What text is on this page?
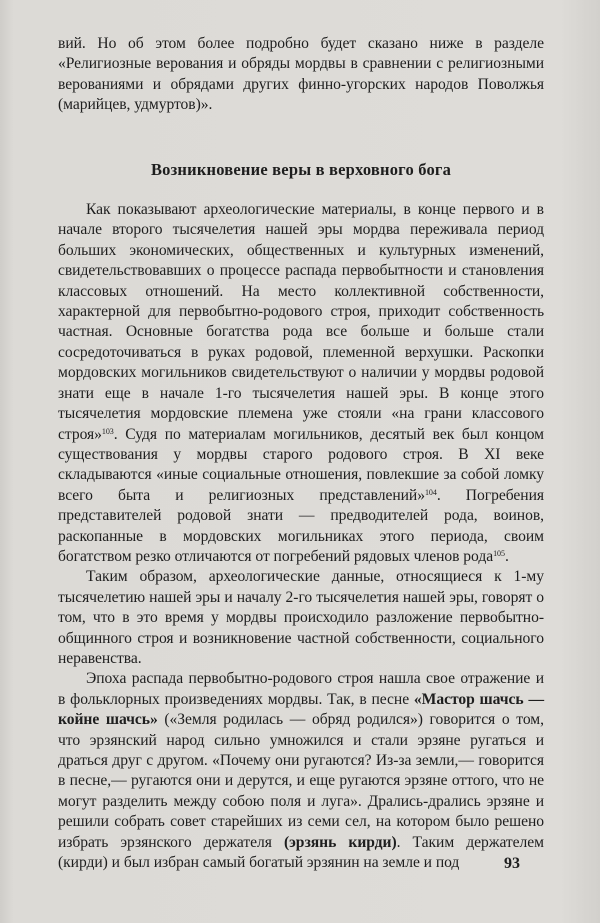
вий. Но об этом более подробно будет сказано ниже в разделе «Религиозные верования и обряды мордвы в сравнении с религиозными верованиями и обрядами других финно-угорских народов Поволжья (марийцев, удмуртов)».

Возникновение веры в верховного бога

Как показывают археологические материалы, в конце первого и в начале второго тысячелетия нашей эры мордва переживала период больших экономических, общественных и культурных изменений, свидетельствовавших о процессе распада первобытности и становления классовых отношений. На место коллективной собственности, характерной для первобытно-родового строя, приходит собственность частная. Основные богатства рода все больше и больше стали сосредоточиваться в руках родовой, племенной верхушки. Раскопки мордовских могильников свидетельствуют о наличии у мордвы родовой знати еще в начале 1-го тысячелетия нашей эры. В конце этого тысячелетия мордовские племена уже стояли «на грани классового строя»$^{103}$. Судя по материалам могильников, десятый век был концом существования у мордвы старого родового строя. В XI веке складываются «иные социальные отношения, повлекшие за собой ломку всего быта и религиозных представлений»$^{104}$. Погребения представителей родовой знати — предводителей рода, воинов, раскопанные в мордовских могильниках этого периода, своим богатством резко отличаются от погребений рядовых членов рода$^{105}$.

Таким образом, археологические данные, относящиеся к 1-му тысячелетию нашей эры и началу 2-го тысячелетия нашей эры, говорят о том, что в это время у мордвы происходило разложение первобытно-общинного строя и возникновение частной собственности, социального неравенства.

Эпоха распада первобытно-родового строя нашла свое отражение и в фольклорных произведениях мордвы. Так, в песне «Мастор шачсь — койне шачсь» («Земля родилась — обряд родился») говорится о том, что эрзянский народ сильно умножился и стали эрзяне ругаться и драться друг с другом. «Почему они ругаются? Из-за земли,— говорится в песне,— ругаются они и дерутся, и еще ругаются эрзяне оттого, что не могут разделить между собою поля и луга». Дрались-дрались эрзяне и решили собрать совет старейших из семи сел, на котором было решено избрать эрзянского держателя (эрзянь кирди). Таким держателем (кирди) и был избран самый богатый эрзянин на земле и под	93
